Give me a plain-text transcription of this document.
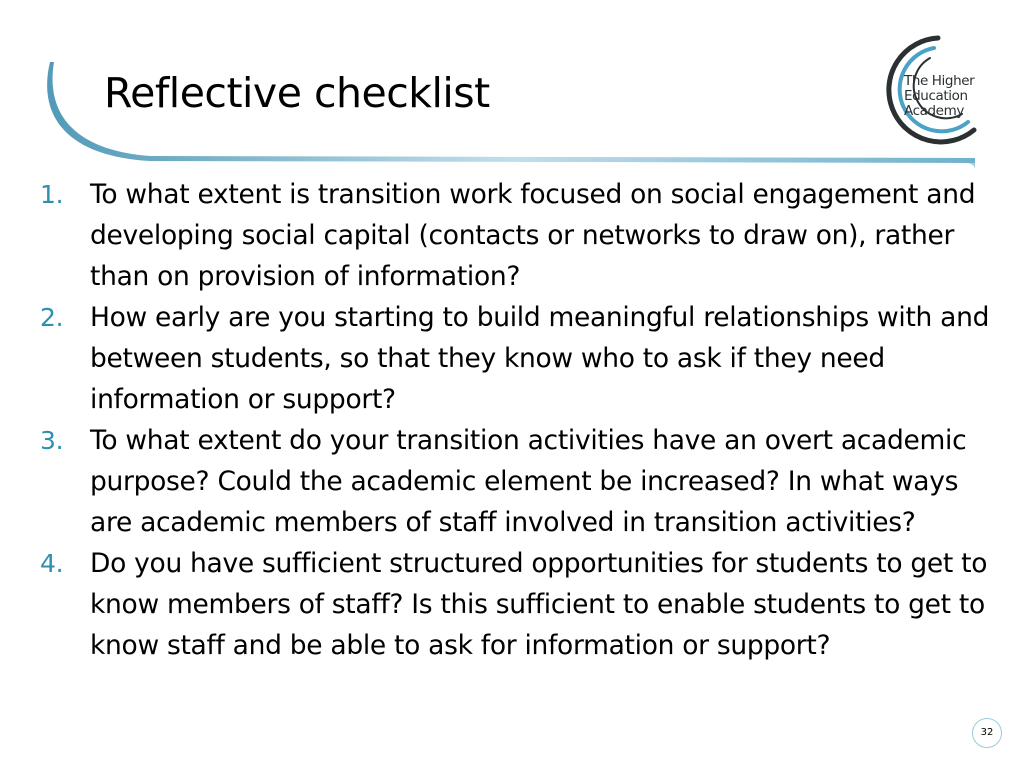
Reflective checklist	The Higher
Education
Academy
1. To what extent is transition work focused on social engagement and developing social capital (contacts or networks to draw on), rather than on provision of information?
2. How early are you starting to build meaningful relationships with and between students, so that they know who to ask if they need information or support?
3. To what extent do your transition activities have an overt academic purpose? Could the academic element be increased? In what ways are academic members of staff involved in transition activities?
4. Do you have sufficient structured opportunities for students to get to know members of staff? Is this sufficient to enable students to get to know staff and be able to ask for information or support?
32
